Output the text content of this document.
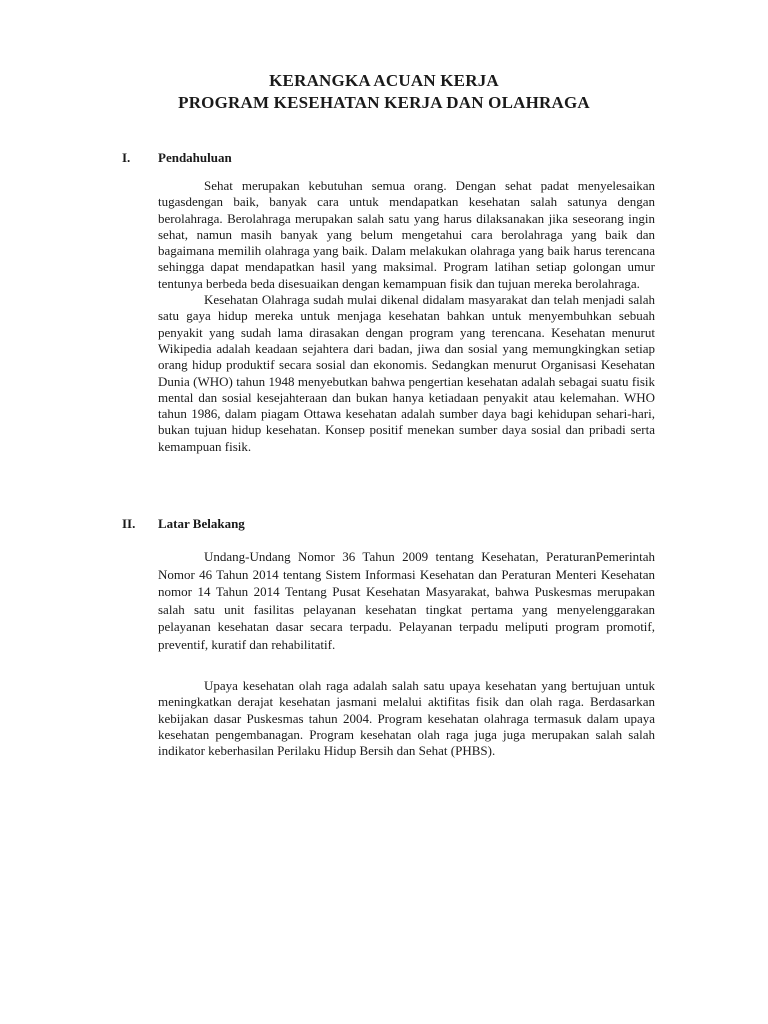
KERANGKA ACUAN KERJA
PROGRAM KESEHATAN KERJA DAN OLAHRAGA
I. Pendahuluan

Sehat merupakan kebutuhan semua orang. Dengan sehat padat menyelesaikan tugasdengan baik, banyak cara untuk mendapatkan kesehatan salah satunya dengan berolahraga. Berolahraga merupakan salah satu yang harus dilaksanakan jika seseorang ingin sehat, namun masih banyak yang belum mengetahui cara berolahraga yang baik dan bagaimana memilih olahraga yang baik. Dalam melakukan olahraga yang baik harus terencana sehingga dapat mendapatkan hasil yang maksimal. Program latihan setiap golongan umur tentunya berbeda beda disesuaikan dengan kemampuan fisik dan tujuan mereka berolahraga.

Kesehatan Olahraga sudah mulai dikenal didalam masyarakat dan telah menjadi salah satu gaya hidup mereka untuk menjaga kesehatan bahkan untuk menyembuhkan sebuah penyakit yang sudah lama dirasakan dengan program yang terencana. Kesehatan menurut Wikipedia adalah keadaan sejahtera dari badan, jiwa dan sosial yang memungkingkan setiap orang hidup produktif secara sosial dan ekonomis. Sedangkan menurut Organisasi Kesehatan Dunia (WHO) tahun 1948 menyebutkan bahwa pengertian kesehatan adalah sebagai suatu fisik mental dan sosial kesejahteraan dan bukan hanya ketiadaan penyakit atau kelemahan. WHO tahun 1986, dalam piagam Ottawa kesehatan adalah sumber daya bagi kehidupan sehari-hari, bukan tujuan hidup kesehatan. Konsep positif menekan sumber daya sosial dan pribadi serta kemampuan fisik.

II. Latar Belakang

Undang-Undang Nomor 36 Tahun 2009 tentang Kesehatan, PeraturanPemerintah Nomor 46 Tahun 2014 tentang Sistem Informasi Kesehatan dan Peraturan Menteri Kesehatan nomor 14 Tahun 2014 Tentang Pusat Kesehatan Masyarakat, bahwa Puskesmas merupakan salah satu unit fasilitas pelayanan kesehatan tingkat pertama yang menyelenggarakan pelayanan kesehatan dasar secara terpadu. Pelayanan terpadu meliputi program promotif, preventif, kuratif dan rehabilitatif.

Upaya kesehatan olah raga adalah salah satu upaya kesehatan yang bertujuan untuk meningkatkan derajat kesehatan jasmani melalui aktifitas fisik dan olah raga. Berdasarkan kebijakan dasar Puskesmas tahun 2004. Program kesehatan olahraga termasuk dalam upaya kesehatan pengembanagan. Program kesehatan olah raga juga juga merupakan salah salah indikator keberhasilan Perilaku Hidup Bersih dan Sehat (PHBS).
